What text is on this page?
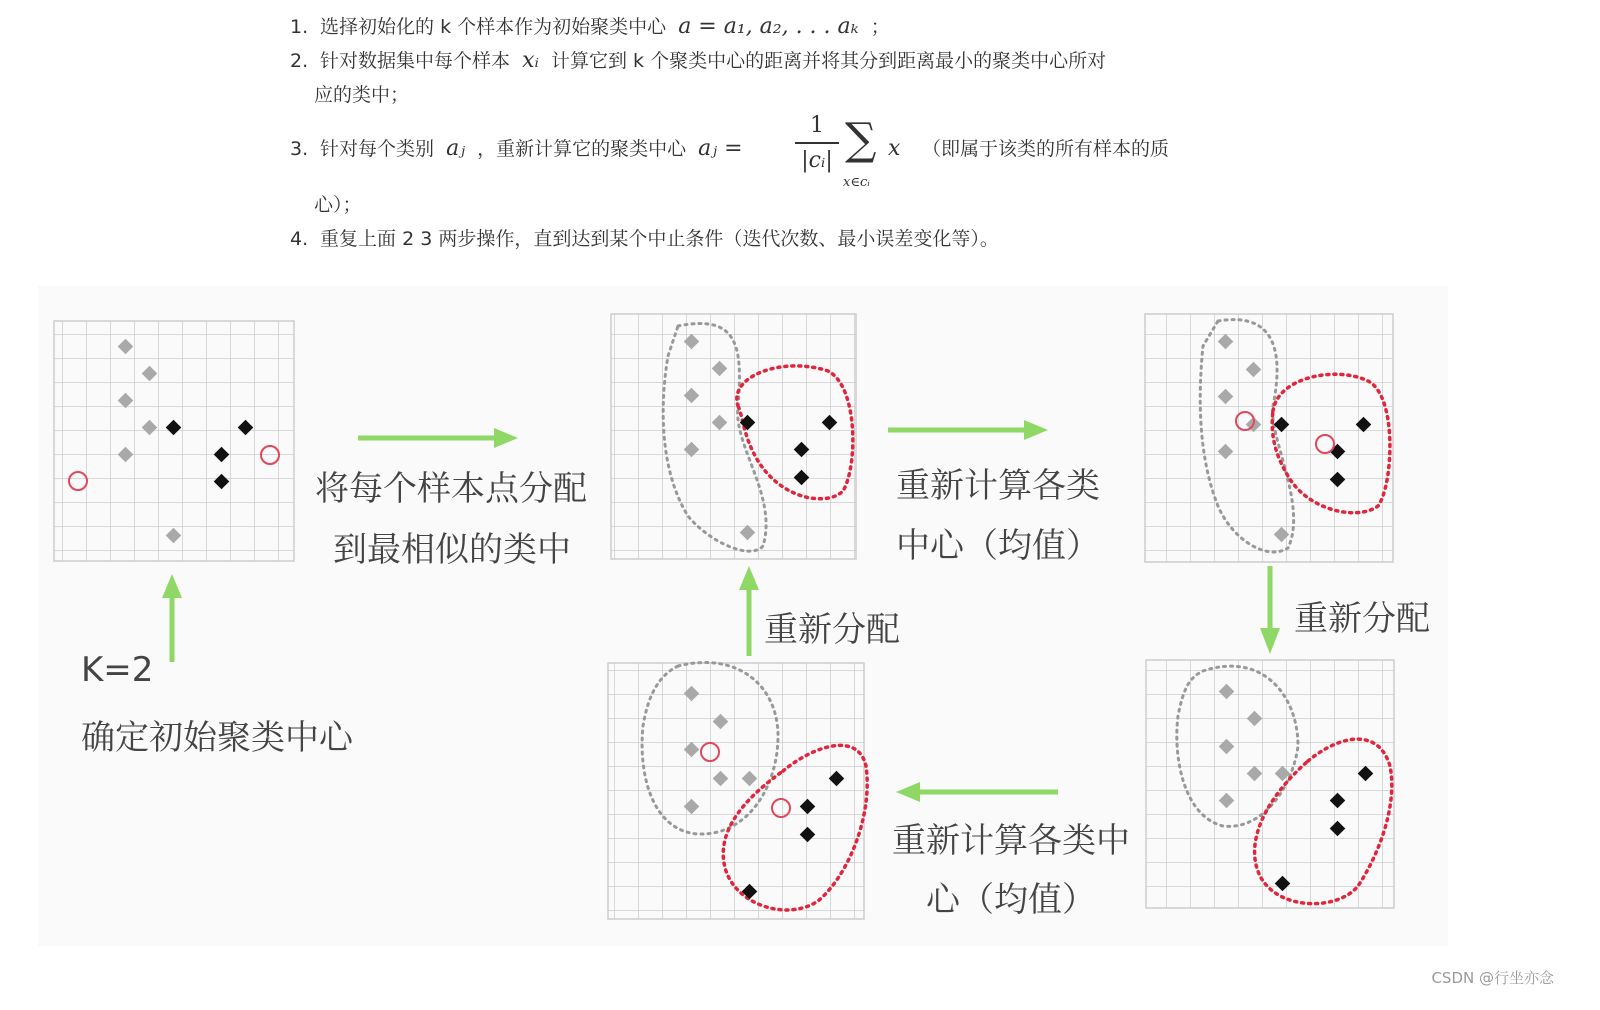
1. 选择初始化的 k 个样本作为初始聚类中心 a = a₁, a₂, . . . aₖ ；
2. 针对数据集中每个样本 xᵢ 计算它到 k 个聚类中心的距离并将其分到距离最小的聚类中心所对
应的类中；
3. 针对每个类别 aⱼ ，重新计算它的聚类中心 aⱼ =
1
|cᵢ| ∑
x∈cᵢ
x （即属于该类的所有样本的质
心）；
4. 重复上面 2 3 两步操作，直到达到某个中止条件（迭代次数、最小误差变化等）。
将每个样本点分配
到最相似的类中
重新计算各类
中心（均值）
重新分配
重新分配
重新计算各类中
心（均值）
K=2
确定初始聚类中心
CSDN @行坐亦念
